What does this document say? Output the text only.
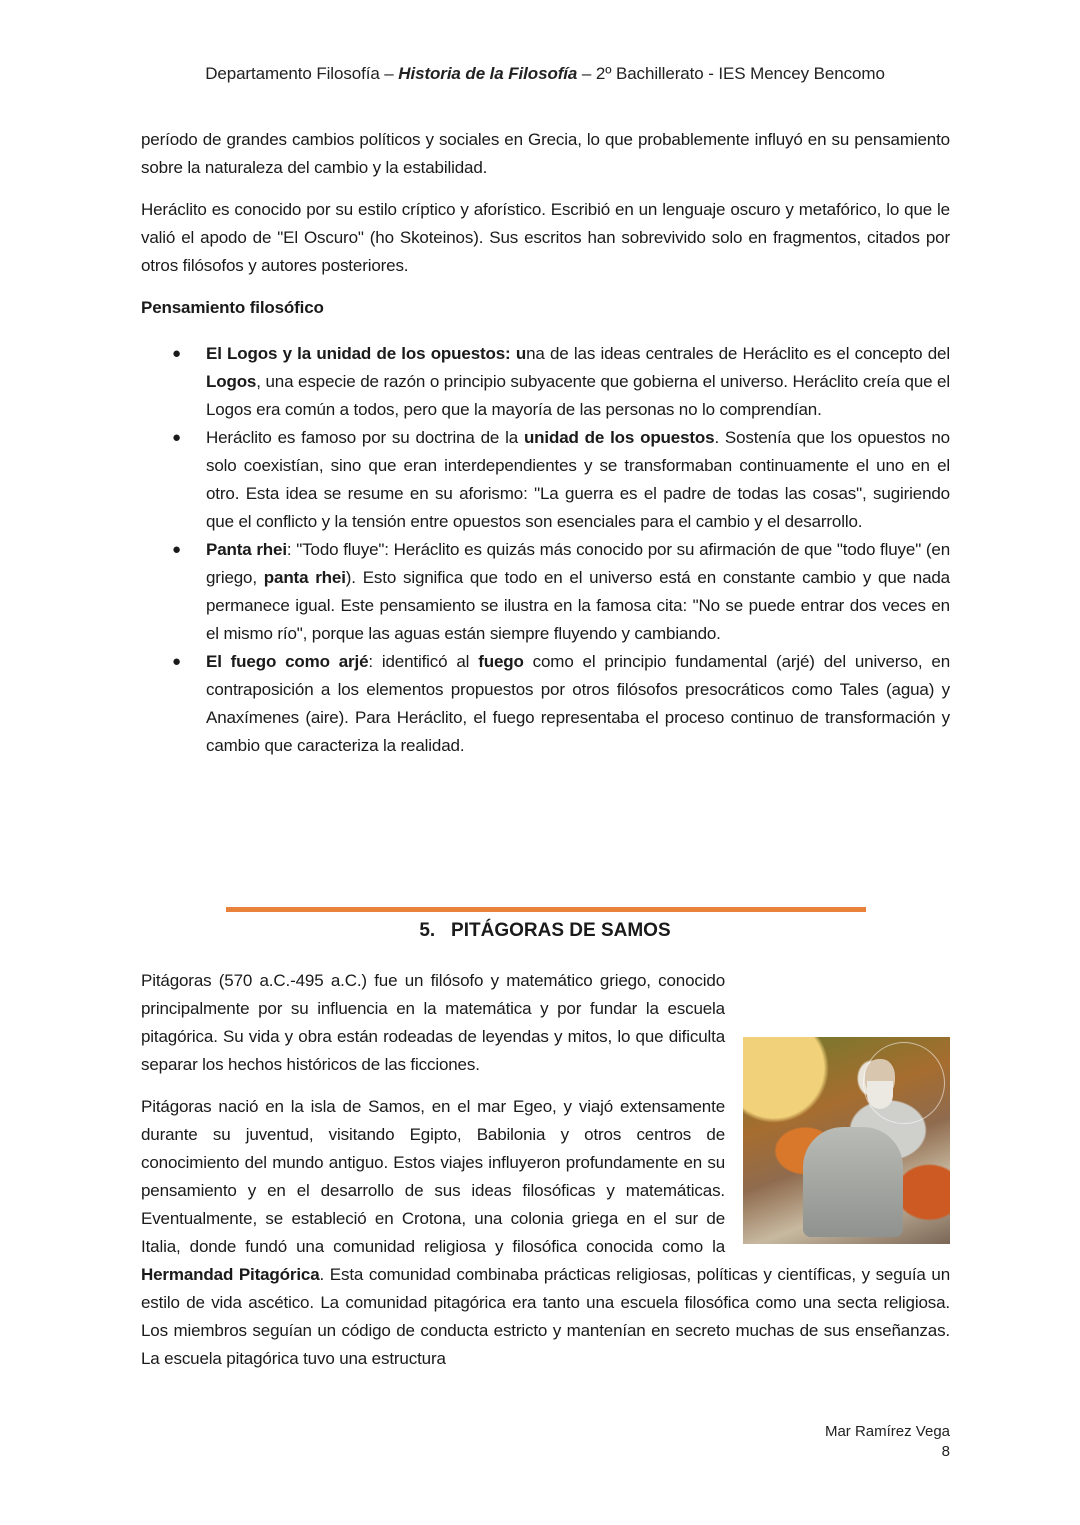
Departamento Filosofía – Historia de la Filosofía – 2º Bachillerato - IES Mencey Bencomo

período de grandes cambios políticos y sociales en Grecia, lo que probablemente influyó en su pensamiento sobre la naturaleza del cambio y la estabilidad.

Heráclito es conocido por su estilo críptico y aforístico. Escribió en un lenguaje oscuro y metafórico, lo que le valió el apodo de "El Oscuro" (ho Skoteinos). Sus escritos han sobrevivido solo en fragmentos, citados por otros filósofos y autores posteriores.

Pensamiento filosófico
● El Logos y la unidad de los opuestos: una de las ideas centrales de Heráclito es el concepto del Logos, una especie de razón o principio subyacente que gobierna el universo. Heráclito creía que el Logos era común a todos, pero que la mayoría de las personas no lo comprendían.
● Heráclito es famoso por su doctrina de la unidad de los opuestos. Sostenía que los opuestos no solo coexistían, sino que eran interdependientes y se transformaban continuamente el uno en el otro. Esta idea se resume en su aforismo: "La guerra es el padre de todas las cosas", sugiriendo que el conflicto y la tensión entre opuestos son esenciales para el cambio y el desarrollo.
● Panta rhei: "Todo fluye": Heráclito es quizás más conocido por su afirmación de que "todo fluye" (en griego, panta rhei). Esto significa que todo en el universo está en constante cambio y que nada permanece igual. Este pensamiento se ilustra en la famosa cita: "No se puede entrar dos veces en el mismo río", porque las aguas están siempre fluyendo y cambiando.
● El fuego como arjé: identificó al fuego como el principio fundamental (arjé) del universo, en contraposición a los elementos propuestos por otros filósofos presocráticos como Tales (agua) y Anaxímenes (aire). Para Heráclito, el fuego representaba el proceso continuo de transformación y cambio que caracteriza la realidad.
5.   PITÁGORAS DE SAMOS

Pitágoras (570 a.C.-495 a.C.) fue un filósofo y matemático griego, conocido principalmente por su influencia en la matemática y por fundar la escuela pitagórica. Su vida y obra están rodeadas de leyendas y mitos, lo que dificulta separar los hechos históricos de las ficciones.

Pitágoras nació en la isla de Samos, en el mar Egeo, y viajó extensamente durante su juventud, visitando Egipto, Babilonia y otros centros de conocimiento del mundo antiguo. Estos viajes influyeron profundamente en su pensamiento y en el desarrollo de sus ideas filosóficas y matemáticas. Eventualmente, se estableció en Crotona, una colonia griega en el sur de Italia, donde fundó una comunidad religiosa y filosófica conocida como la Hermandad Pitagórica. Esta comunidad combinaba prácticas religiosas, políticas y científicas, y seguía un estilo de vida ascético. La comunidad pitagórica era tanto una escuela filosófica como una secta religiosa. Los miembros seguían un código de conducta estricto y mantenían en secreto muchas de sus enseñanzas. La escuela pitagórica tuvo una estructura

Mar Ramírez Vega
8
